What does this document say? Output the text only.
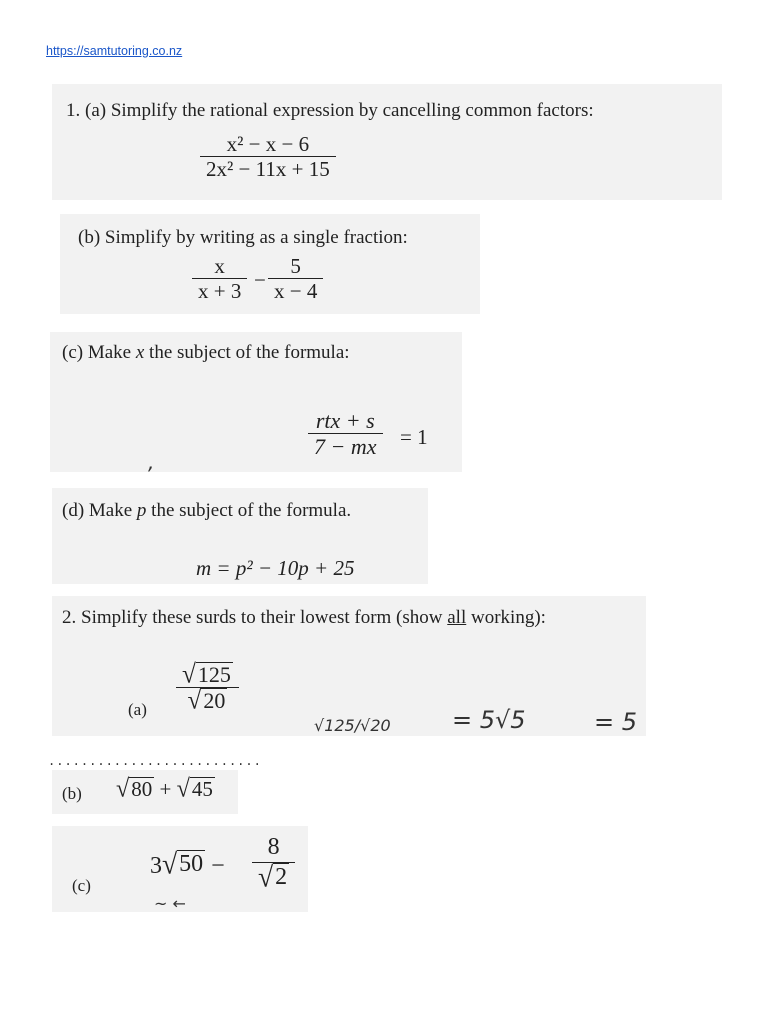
https://samtutoring.co.nz
1. (a) Simplify the rational expression by cancelling common factors:
x² − x − 6
2x² − 11x + 15
(b) Simplify by writing as a single fraction:
x
x + 3 −
5
x − 4
(c) Make x the subject of the formula:
rtx + s
7 − mx = 1
,
(d) Make p the subject of the formula.
m = p² − 10p + 25
2. Simplify these surds to their lowest form (show all working):
(a)
√ 125
√ 20
√125/√20	= 5√5	= 5
..........................
(b) √ 80 + √ 45
(c)
3 √ 50 −
8
√ 2
~ ←
